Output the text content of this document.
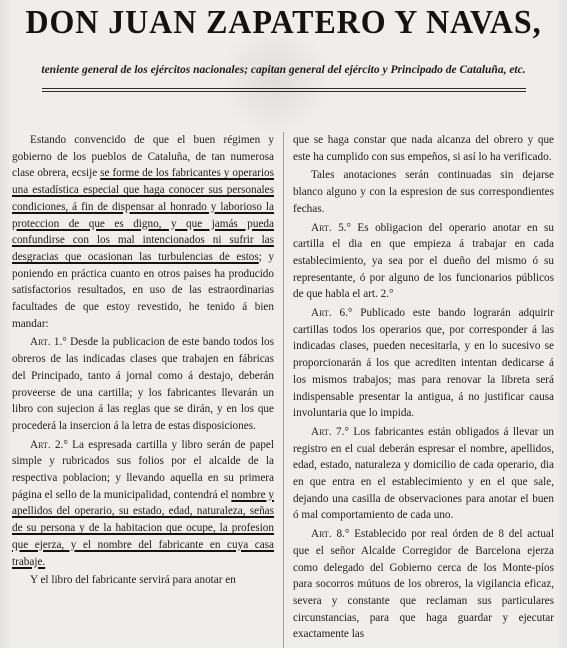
DON JUAN ZAPATERO Y NAVAS,
teniente general de los ejércitos nacionales; capitan general del ejército y Principado de Cataluña, etc.

Estando convencido de que el buen régimen y gobierno de los pueblos de Cataluña, de tan numerosa clase obrera, ecsije se forme de los fabricantes y operarios una estadística especial que haga conocer sus personales condiciones, á fin de dispensar al honrado y laborioso la proteccion de que es digno, y que jamás pueda confundirse con los mal intencionados ni sufrir las desgracias que ocasionan las turbulencias de estos; y poniendo en práctica cuanto en otros paises ha producido satisfactorios resultados, en uso de las estraordinarias facultades de que estoy revestido, he tenido á bien mandar:

Art. 1.° Desde la publicacion de este bando todos los obreros de las indicadas clases que trabajen en fábricas del Principado, tanto á jornal como á destajo, deberán proveerse de una cartilla; y los fabricantes llevarán un libro con sujecion á las reglas que se dirán, y en los que procederá la insercion á la letra de estas disposiciones.

Art. 2.° La espresada cartilla y libro serán de papel simple y rubricados sus folios por el alcalde de la respectiva poblacion; y llevando aquella en su primera página el sello de la municipalidad, contendrá el nombre y apellidos del operario, su estado, edad, naturaleza, señas de su persona y de la habitacion que ocupe, la profesion que ejerza, y el nombre del fabricante en cuya casa trabaje.

Y el libro del fabricante servirá para anotar en

que se haga constar que nada alcanza del obrero y que este ha cumplido con sus empeños, si así lo ha verificado.

Tales anotaciones serán continuadas sin dejarse blanco alguno y con la espresion de sus correspondientes fechas.

Art. 5.° Es obligacion del operario anotar en su cartilla el dia en que empieza á trabajar en cada establecimiento, ya sea por el dueño del mismo ó su representante, ó por alguno de los funcionarios públicos de que habla el art. 2.°

Art. 6.° Publicado este bando lograrán adquirir cartillas todos los operarios que, por corresponder á las indicadas clases, pueden necesitarla, y en lo sucesivo se proporcionarán á los que acrediten intentan dedicarse á los mismos trabajos; mas para renovar la libreta será indispensable presentar la antigua, á no justificar causa involuntaria que lo impida.

Art. 7.° Los fabricantes están obligados á llevar un registro en el cual deberán espresar el nombre, apellidos, edad, estado, naturaleza y domicilio de cada operario, dia en que entra en el establecimiento y en el que sale, dejando una casilla de observaciones para anotar el buen ó mal comportamiento de cada uno.

Art. 8.° Establecido por real órden de 8 del actual que el señor Alcalde Corregidor de Barcelona ejerza como delegado del Gobierno cerca de los Monte-píos para socorros mútuos de los obreros, la vigilancia eficaz, severa y constante que reclaman sus particulares circunstancias, para que haga guardar y ejecutar exactamente las
